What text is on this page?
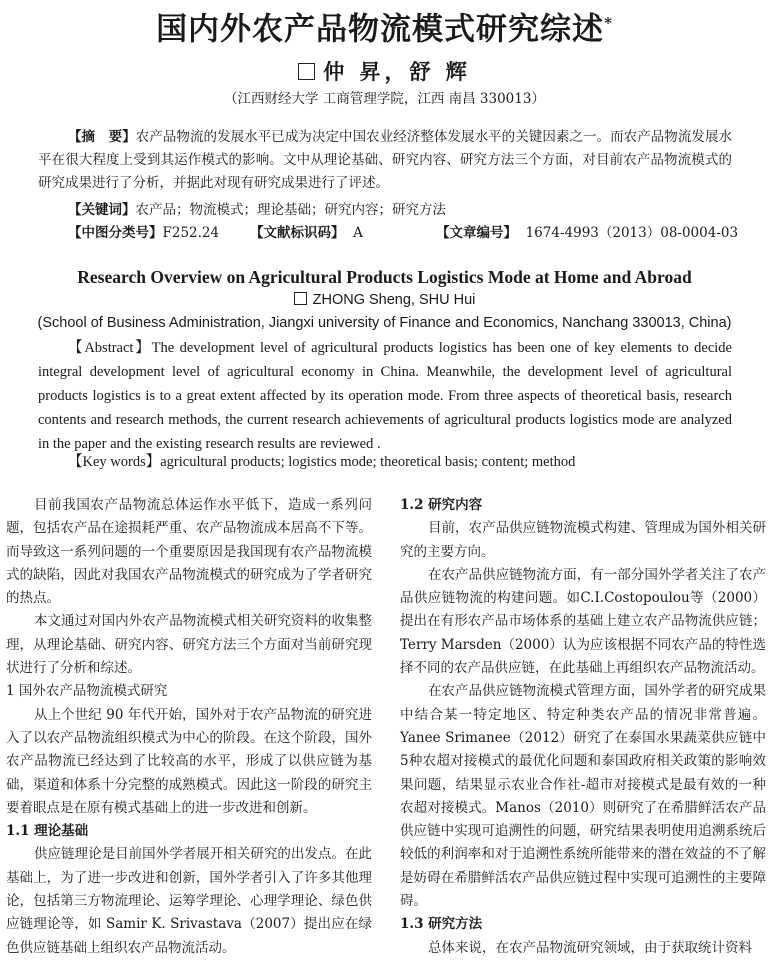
国内外农产品物流模式研究综述*
仲 昇，舒 辉
（江西财经大学 工商管理学院，江西 南昌 330013）
【摘　要】农产品物流的发展水平已成为决定中国农业经济整体发展水平的关键因素之一。而农产品物流发展水平在很大程度上受到其运作模式的影响。文中从理论基础、研究内容、研究方法三个方面，对目前农产品物流模式的研究成果进行了分析，并据此对现有研究成果进行了评述。
【关键词】农产品；物流模式；理论基础；研究内容；研究方法
【中图分类号】F252.24 【文献标识码】 A	【文章编号】 1674-4993（2013）08-0004-03
Research Overview on Agricultural Products Logistics Mode at Home and Abroad
ZHONG Sheng, SHU Hui
(School of Business Administration, Jiangxi university of Finance and Economics, Nanchang 330013, China)
【Abstract】The development level of agricultural products logistics has been one of key elements to decide integral development level of agricultural economy in China. Meanwhile, the development level of agricultural products logistics is to a great extent affected by its operation mode. From three aspects of theoretical basis, research contents and research methods, the current research achievements of agricultural products logistics mode are analyzed in the paper and the existing research results are reviewed .
【Key words】agricultural products; logistics mode; theoretical basis; content; method

目前我国农产品物流总体运作水平低下，造成一系列问题，包括农产品在途损耗严重、农产品物流成本居高不下等。而导致这一系列问题的一个重要原因是我国现有农产品物流模式的缺陷，因此对我国农产品物流模式的研究成为了学者研究的热点。

本文通过对国内外农产品物流模式相关研究资料的收集整理，从理论基础、研究内容、研究方法三个方面对当前研究现状进行了分析和综述。

1 国外农产品物流模式研究

从上个世纪 90 年代开始，国外对于农产品物流的研究进入了以农产品物流组织模式为中心的阶段。在这个阶段，国外农产品物流已经达到了比较高的水平，形成了以供应链为基础，渠道和体系十分完整的成熟模式。因此这一阶段的研究主要着眼点是在原有模式基础上的进一步改进和创新。

1.1 理论基础

供应链理论是目前国外学者展开相关研究的出发点。在此基础上，为了进一步改进和创新，国外学者引入了许多其他理论，包括第三方物流理论、运筹学理论、心理学理论、绿色供应链理论等，如 Samir K. Srivastava（2007）提出应在绿色供应链基础上组织农产品物流活动。

1.2 研究内容

目前，农产品供应链物流模式构建、管理成为国外相关研究的主要方向。

在农产品供应链物流方面，有一部分国外学者关注了农产品供应链物流的构建问题。如C.I.Costopoulou等（2000）提出在有形农产品市场体系的基础上建立农产品物流供应链；Terry Marsden（2000）认为应该根据不同农产品的特性选择不同的农产品供应链，在此基础上再组织农产品物流活动。

在农产品供应链物流模式管理方面，国外学者的研究成果中结合某一特定地区、特定种类农产品的情况非常普遍。Yanee Srimanee（2012）研究了在泰国水果蔬菜供应链中5种农超对接模式的最优化问题和泰国政府相关政策的影响效果问题，结果显示农业合作社-超市对接模式是最有效的一种农超对接模式。Manos（2010）则研究了在希腊鲜活农产品供应链中实现可追溯性的问题，研究结果表明使用追溯系统后较低的利润率和对于追溯性系统所能带来的潜在效益的不了解是妨碍在希腊鲜活农产品供应链过程中实现可追溯性的主要障碍。

1.3 研究方法

总体来说，在农产品物流研究领域，由于获取统计资料
